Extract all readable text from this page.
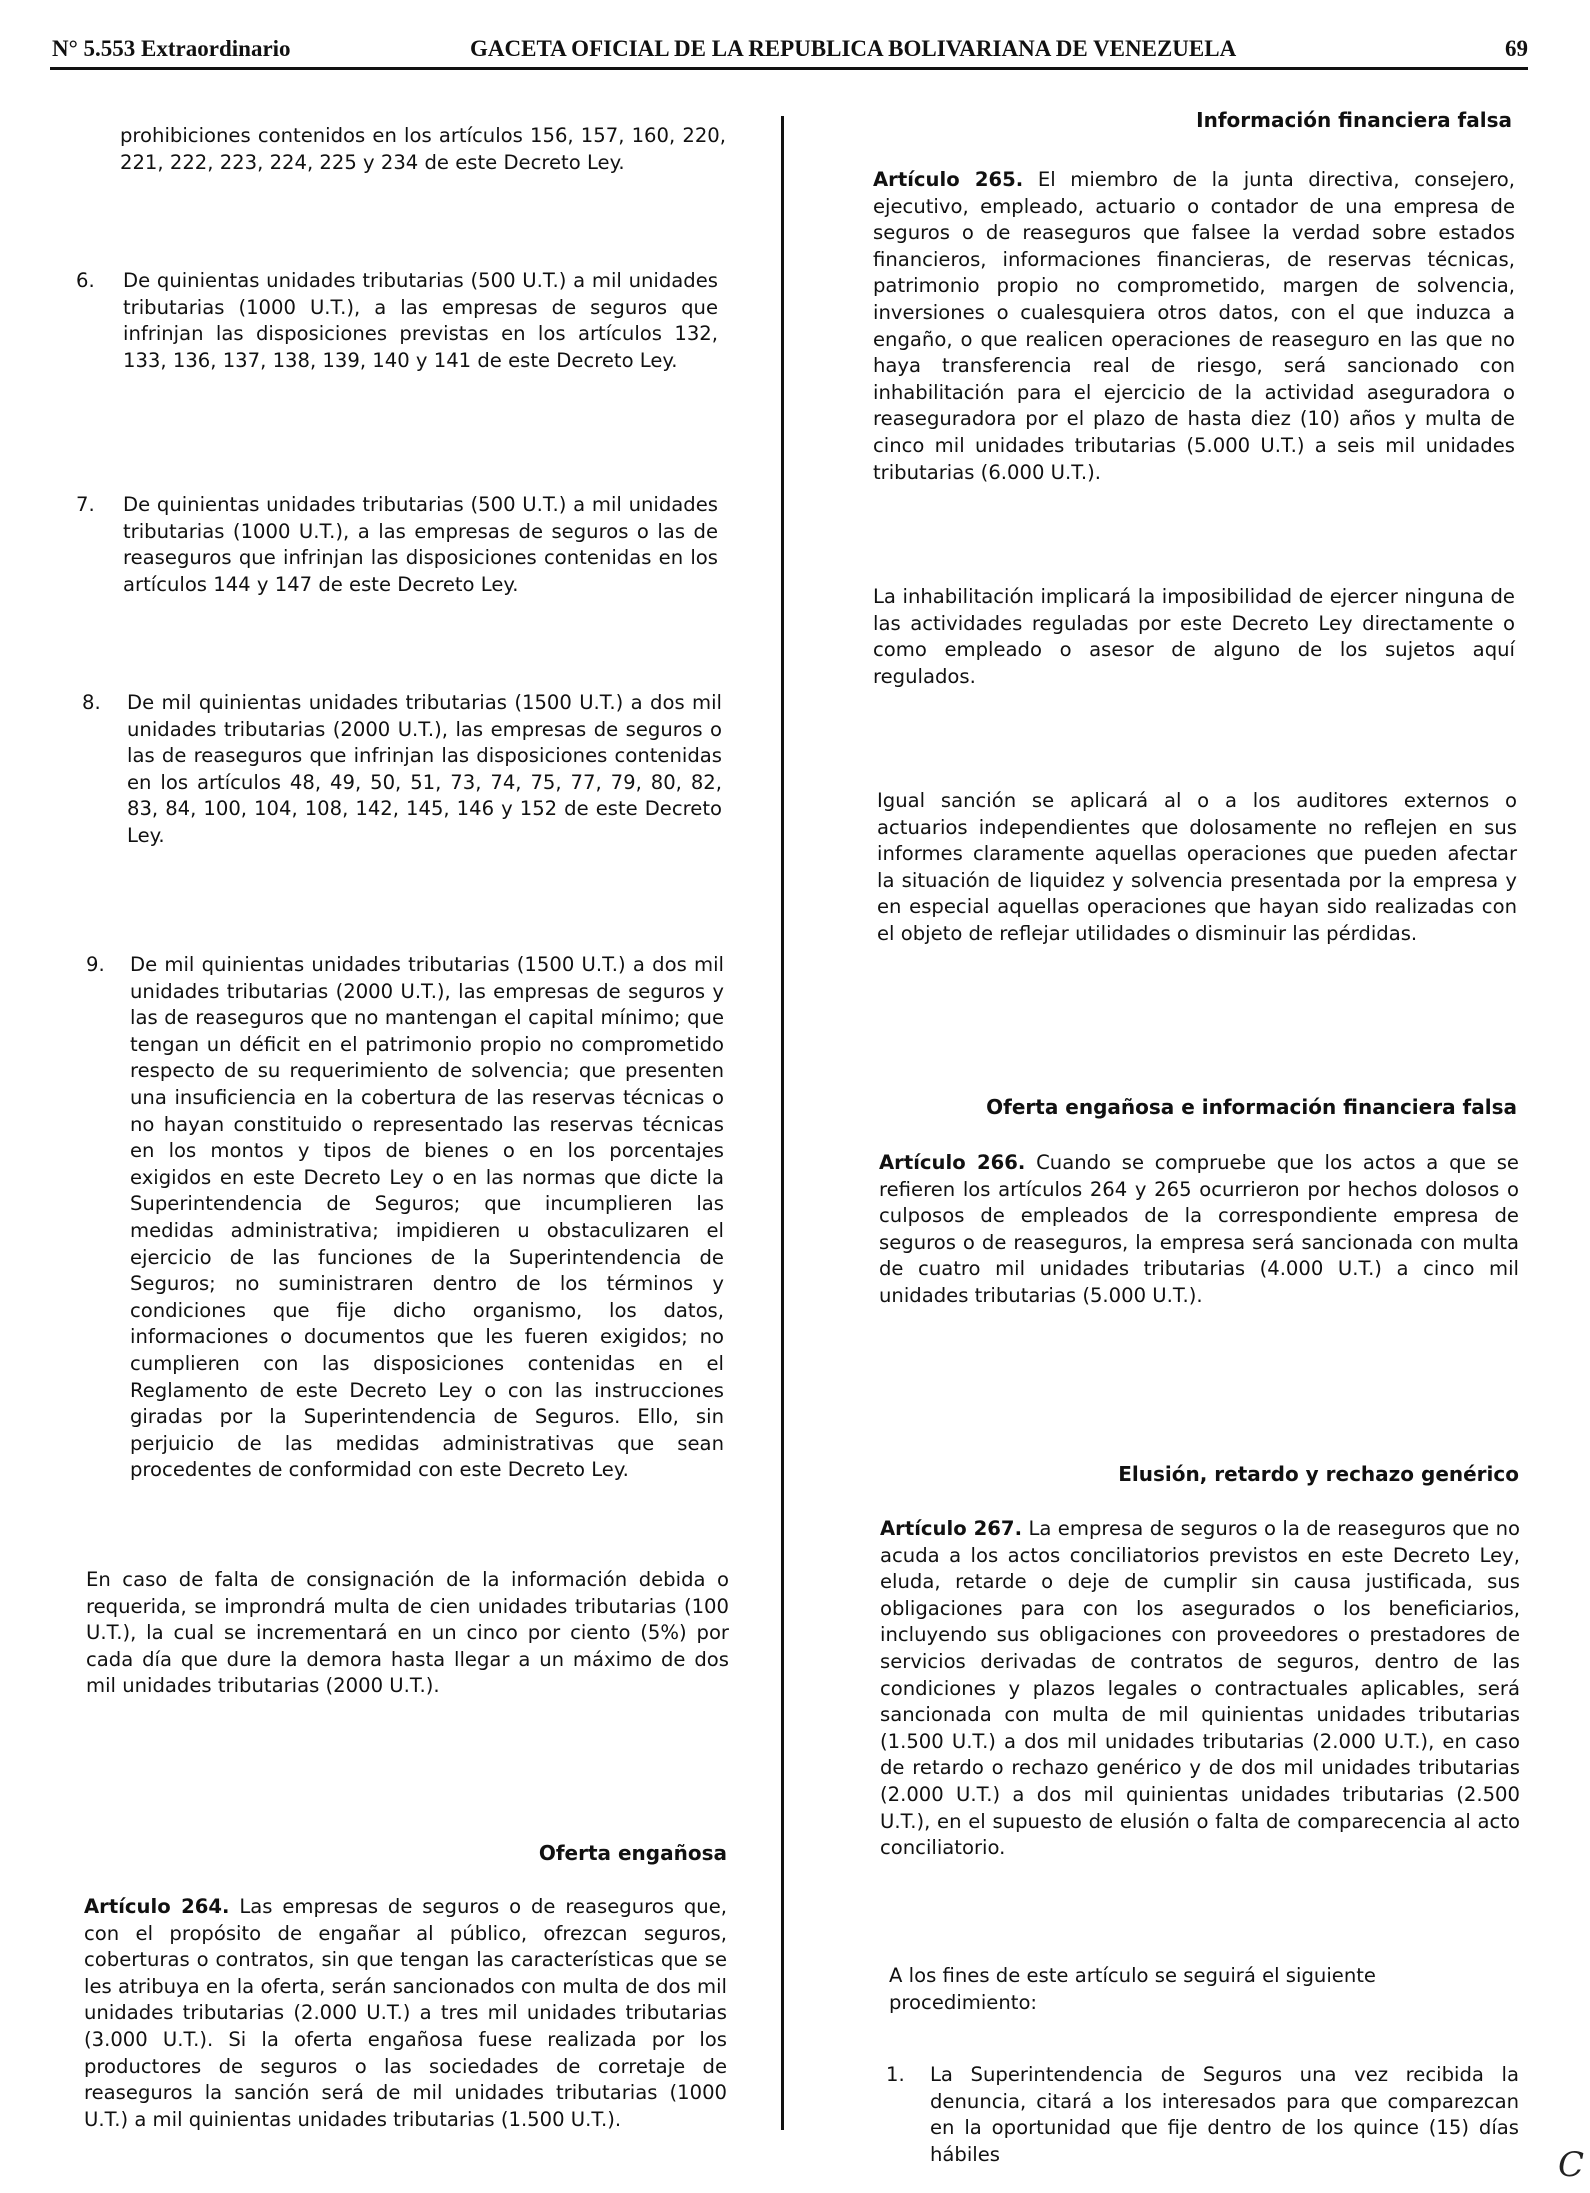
N° 5.553 Extraordinario	GACETA OFICIAL DE LA REPUBLICA BOLIVARIANA DE VENEZUELA	69
prohibiciones contenidos en los artículos 156, 157, 160, 220, 221, 222, 223, 224, 225 y 234 de este Decreto Ley.
6. De quinientas unidades tributarias (500 U.T.) a mil unidades tributarias (1000 U.T.), a las empresas de seguros que infrinjan las disposiciones previstas en los artículos 132, 133, 136, 137, 138, 139, 140 y 141 de este Decreto Ley.
7. De quinientas unidades tributarias (500 U.T.) a mil unidades tributarias (1000 U.T.), a las empresas de seguros o las de reaseguros que infrinjan las disposiciones contenidas en los artículos 144 y 147 de este Decreto Ley.
8. De mil quinientas unidades tributarias (1500 U.T.) a dos mil unidades tributarias (2000 U.T.), las empresas de seguros o las de reaseguros que infrinjan las disposiciones contenidas en los artículos 48, 49, 50, 51, 73, 74, 75, 77, 79, 80, 82, 83, 84, 100, 104, 108, 142, 145, 146 y 152 de este Decreto Ley.
9. De mil quinientas unidades tributarias (1500 U.T.) a dos mil unidades tributarias (2000 U.T.), las empresas de seguros y las de reaseguros que no mantengan el capital mínimo; que tengan un déficit en el patrimonio propio no comprometido respecto de su requerimiento de solvencia; que presenten una insuficiencia en la cobertura de las reservas técnicas o no hayan constituido o representado las reservas técnicas en los montos y tipos de bienes o en los porcentajes exigidos en este Decreto Ley o en las normas que dicte la Superintendencia de Seguros; que incumplieren las medidas administrativa; impidieren u obstaculizaren el ejercicio de las funciones de la Superintendencia de Seguros; no suministraren dentro de los términos y condiciones que fije dicho organismo, los datos, informaciones o documentos que les fueren exigidos; no cumplieren con las disposiciones contenidas en el Reglamento de este Decreto Ley o con las instrucciones giradas por la Superintendencia de Seguros. Ello, sin perjuicio de las medidas administrativas que sean procedentes de conformidad con este Decreto Ley.
En caso de falta de consignación de la información debida o requerida, se improndrá multa de cien unidades tributarias (100 U.T.), la cual se incrementará en un cinco por ciento (5%) por cada día que dure la demora hasta llegar a un máximo de dos mil unidades tributarias (2000 U.T.).
Oferta engañosa
Artículo 264. Las empresas de seguros o de reaseguros que, con el propósito de engañar al público, ofrezcan seguros, coberturas o contratos, sin que tengan las características que se les atribuya en la oferta, serán sancionados con multa de dos mil unidades tributarias (2.000 U.T.) a tres mil unidades tributarias (3.000 U.T.). Si la oferta engañosa fuese realizada por los productores de seguros o las sociedades de corretaje de reaseguros la sanción será de mil unidades tributarias (1000 U.T.) a mil quinientas unidades tributarias (1.500 U.T.).
Información financiera falsa
Artículo 265. El miembro de la junta directiva, consejero, ejecutivo, empleado, actuario o contador de una empresa de seguros o de reaseguros que falsee la verdad sobre estados financieros, informaciones financieras, de reservas técnicas, patrimonio propio no comprometido, margen de solvencia, inversiones o cualesquiera otros datos, con el que induzca a engaño, o que realicen operaciones de reaseguro en las que no haya transferencia real de riesgo, será sancionado con inhabilitación para el ejercicio de la actividad aseguradora o reaseguradora por el plazo de hasta diez (10) años y multa de cinco mil unidades tributarias (5.000 U.T.) a seis mil unidades tributarias (6.000 U.T.).
La inhabilitación implicará la imposibilidad de ejercer ninguna de las actividades reguladas por este Decreto Ley directamente o como empleado o asesor de alguno de los sujetos aquí regulados.
Igual sanción se aplicará al o a los auditores externos o actuarios independientes que dolosamente no reflejen en sus informes claramente aquellas operaciones que pueden afectar la situación de liquidez y solvencia presentada por la empresa y en especial aquellas operaciones que hayan sido realizadas con el objeto de reflejar utilidades o disminuir las pérdidas.
Oferta engañosa e información financiera falsa
Artículo 266. Cuando se compruebe que los actos a que se refieren los artículos 264 y 265 ocurrieron por hechos dolosos o culposos de empleados de la correspondiente empresa de seguros o de reaseguros, la empresa será sancionada con multa de cuatro mil unidades tributarias (4.000 U.T.) a cinco mil unidades tributarias (5.000 U.T.).
Elusión, retardo y rechazo genérico
Artículo 267. La empresa de seguros o la de reaseguros que no acuda a los actos conciliatorios previstos en este Decreto Ley, eluda, retarde o deje de cumplir sin causa justificada, sus obligaciones para con los asegurados o los beneficiarios, incluyendo sus obligaciones con proveedores o prestadores de servicios derivadas de contratos de seguros, dentro de las condiciones y plazos legales o contractuales aplicables, será sancionada con multa de mil quinientas unidades tributarias (1.500 U.T.) a dos mil unidades tributarias (2.000 U.T.), en caso de retardo o rechazo genérico y de dos mil unidades tributarias (2.000 U.T.) a dos mil quinientas unidades tributarias (2.500 U.T.), en el supuesto de elusión o falta de comparecencia al acto conciliatorio.
A los fines de este artículo se seguirá el siguiente procedimiento:
1. La Superintendencia de Seguros una vez recibida la denuncia, citará a los interesados para que comparezcan en la oportunidad que fije dentro de los quince (15) días hábiles	C
